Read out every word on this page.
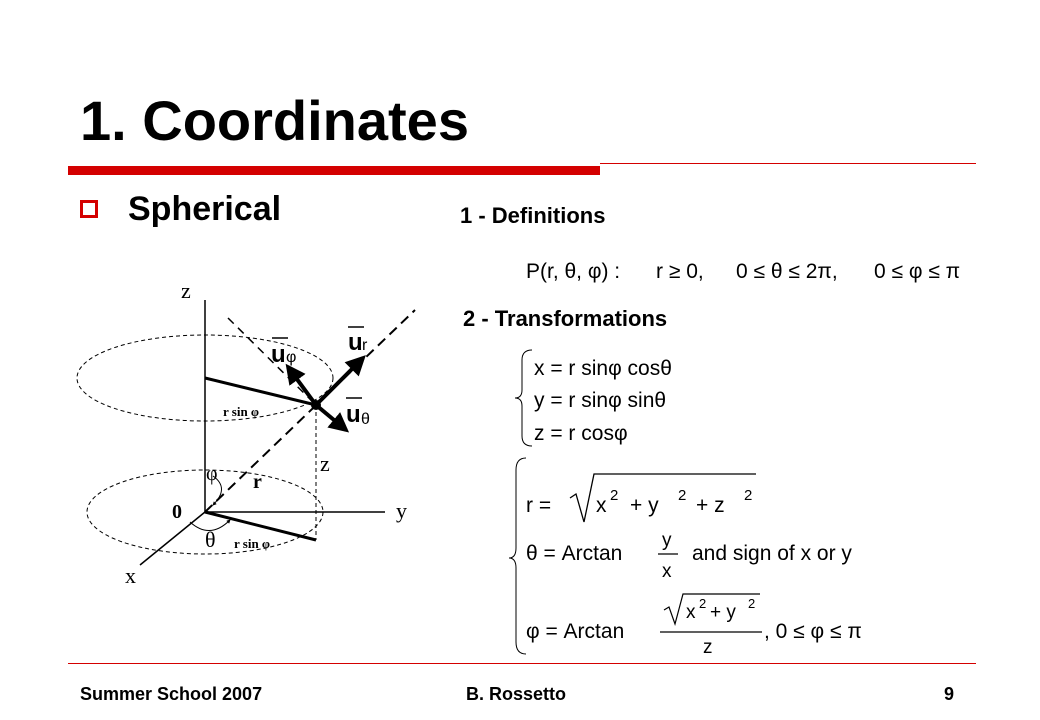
1. Coordinates
Spherical	1 - Definitions
2 - Transformations
z
y
x
0
r
z
φ
θ
r sin φ
r sin φ
u r
u φ
u θ
P(r, θ, φ) : r ≥ 0, 0 ≤ θ ≤ 2π, 0 ≤ φ ≤ π
x = r sinφ cosθ
y = r sinφ sinθ
z = r cosφ
r = x 2 + y 2 + z 2
θ = Arctan
y
x
and sign of x or y
φ = Arctan
x 2 + y 2
z
, 0 ≤ φ ≤ π
Summer School 2007	B. Rossetto	9
